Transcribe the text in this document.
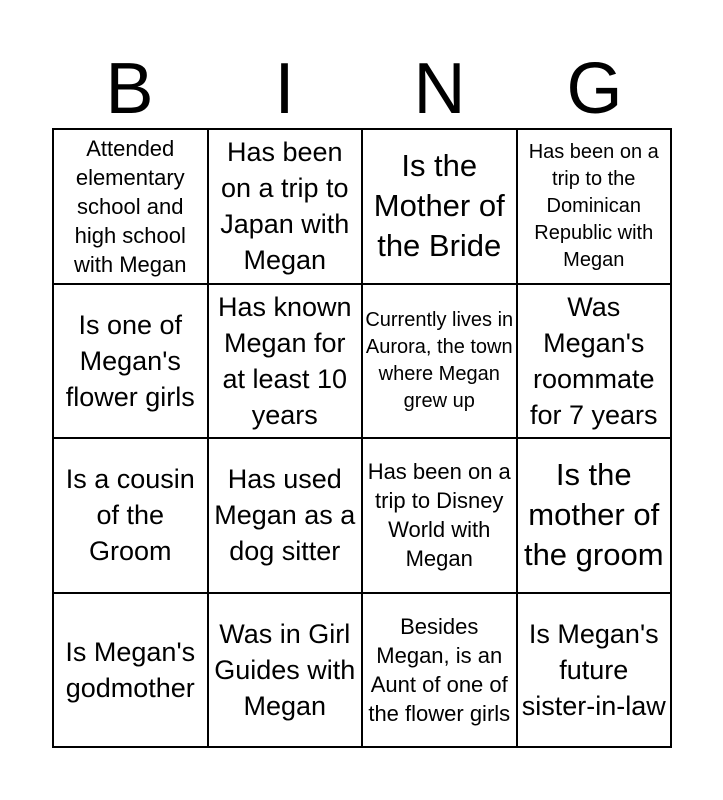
B	I	N	G
Attended elementary school and high school with Megan
Has been on a trip to Japan with Megan
Is the Mother of the Bride
Has been on a trip to the Dominican Republic with Megan
Is one of Megan's flower girls
Has known Megan for at least 10 years
Currently lives in Aurora, the town where Megan grew up
Was Megan's roommate for 7 years
Is a cousin of the Groom
Has used Megan as a dog sitter
Has been on a trip to Disney World with Megan
Is the mother of the groom
Is Megan's godmother
Was in Girl Guides with Megan
Besides Megan, is an Aunt of one of the flower girls
Is Megan's future sister-in-law
